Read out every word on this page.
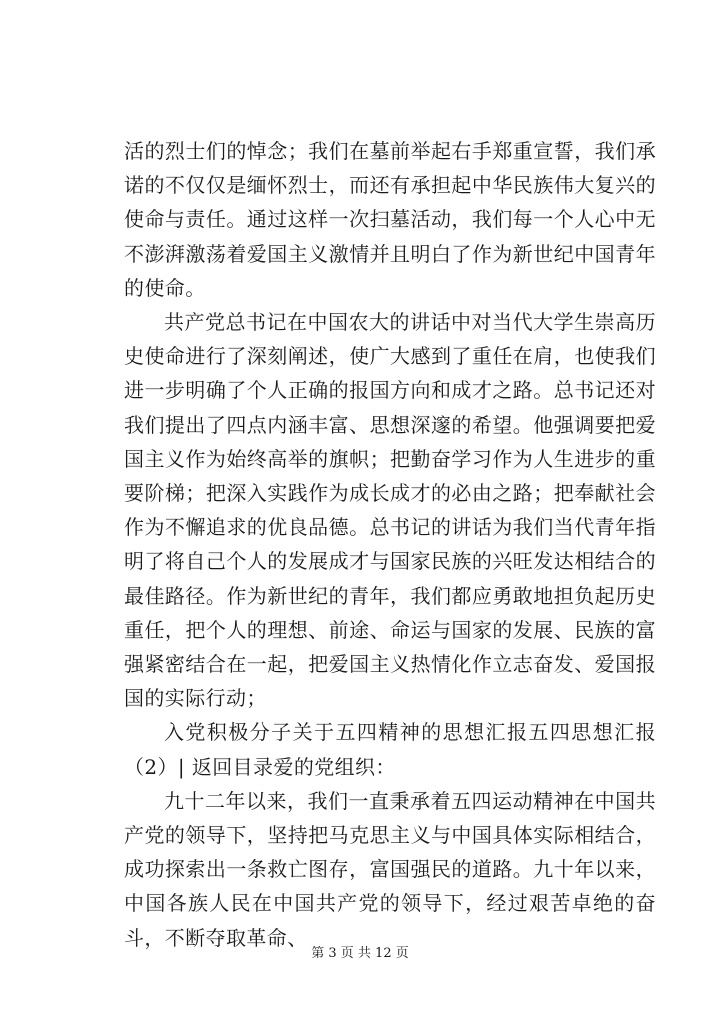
活的烈士们的悼念；我们在墓前举起右手郑重宣誓，我们承诺的不仅仅是缅怀烈士，而还有承担起中华民族伟大复兴的使命与责任。通过这样一次扫墓活动，我们每一个人心中无不澎湃激荡着爱国主义激情并且明白了作为新世纪中国青年的使命。

共产党总书记在中国农大的讲话中对当代大学生崇高历史使命进行了深刻阐述，使广大感到了重任在肩，也使我们进一步明确了个人正确的报国方向和成才之路。总书记还对我们提出了四点内涵丰富、思想深邃的希望。他强调要把爱国主义作为始终高举的旗帜；把勤奋学习作为人生进步的重要阶梯；把深入实践作为成长成才的必由之路；把奉献社会作为不懈追求的优良品德。总书记的讲话为我们当代青年指明了将自己个人的发展成才与国家民族的兴旺发达相结合的最佳路径。作为新世纪的青年，我们都应勇敢地担负起历史重任，把个人的理想、前途、命运与国家的发展、民族的富强紧密结合在一起，把爱国主义热情化作立志奋发、爱国报国的实际行动；

入党积极分子关于五四精神的思想汇报五四思想汇报（2）| 返回目录爱的党组织：

九十二年以来，我们一直秉承着五四运动精神在中国共产党的领导下，坚持把马克思主义与中国具体实际相结合，成功探索出一条救亡图存，富国强民的道路。九十年以来，中国各族人民在中国共产党的领导下，经过艰苦卓绝的奋斗，不断夺取革命、

第 3 页 共 12 页
